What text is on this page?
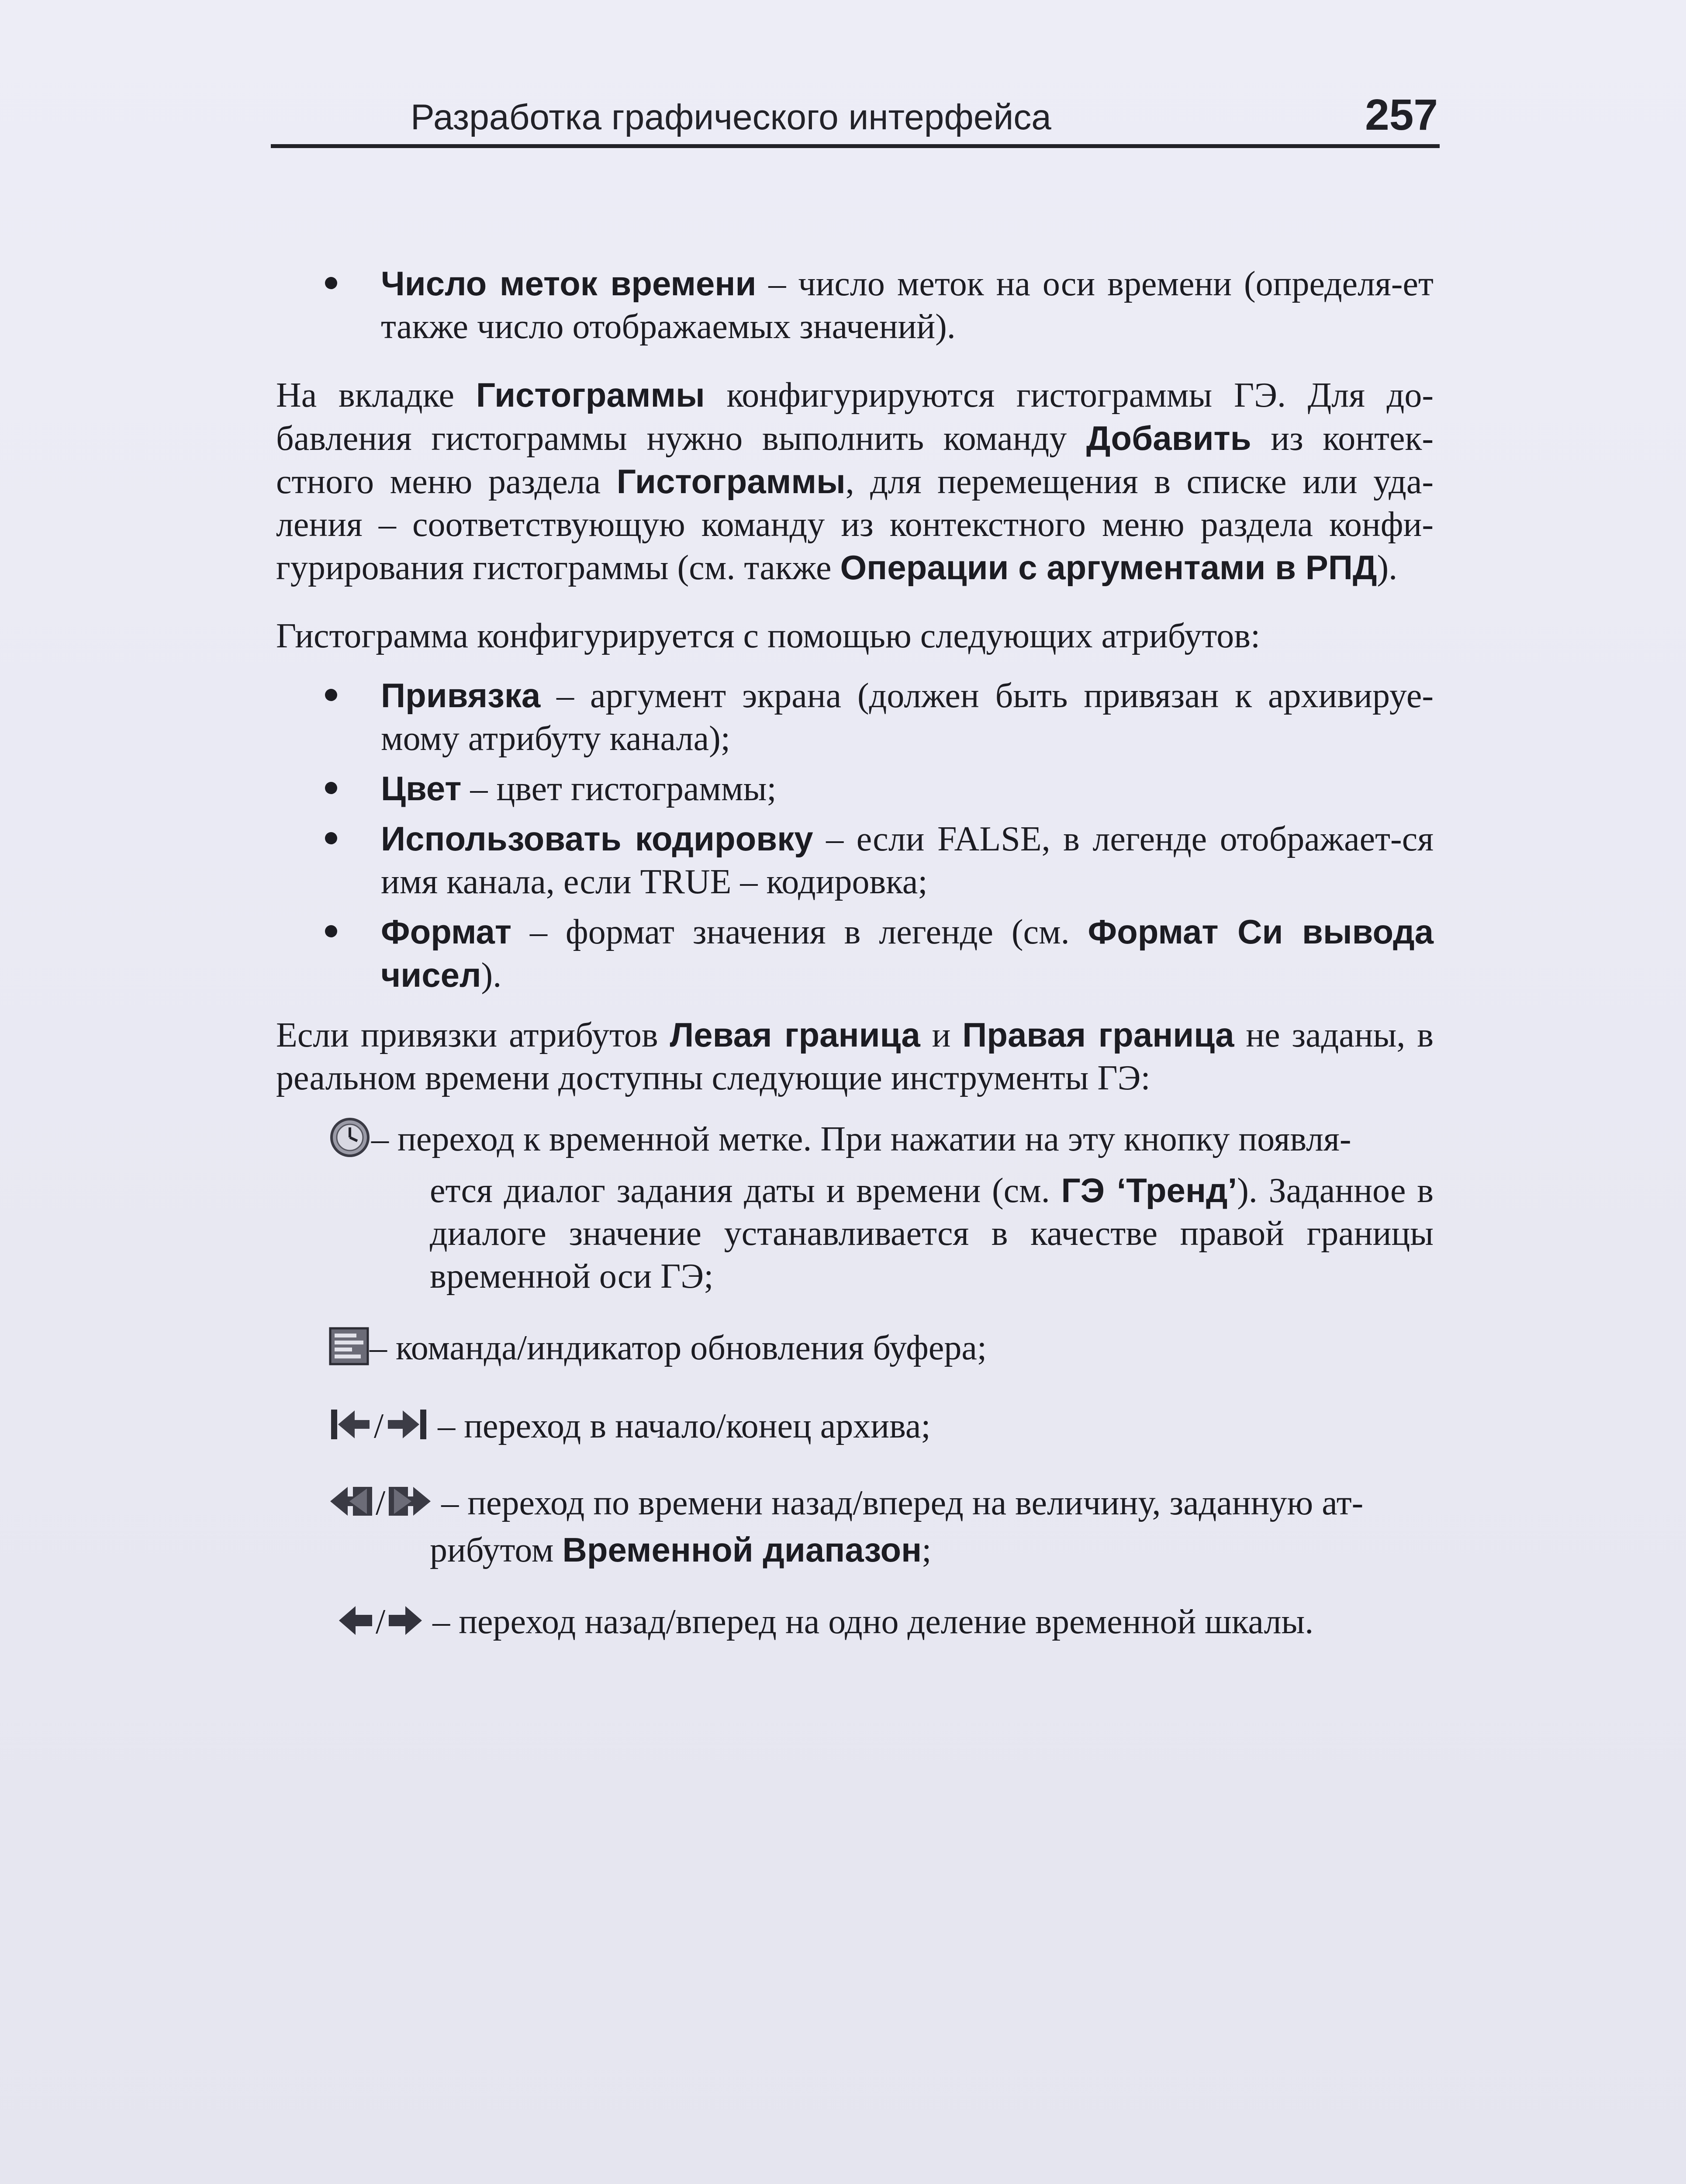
Разработка графического интерфейса	257

Число меток времени – число меток на оси времени (определя-ет также число отображаемых значений).

На вкладке Гистограммы конфигурируются гистограммы ГЭ. Для до-бавления гистограммы нужно выполнить команду Добавить из контек-стного меню раздела Гистограммы, для перемещения в списке или уда-ления – соответствующую команду из контекстного меню раздела конфи-гурирования гистограммы (см. также Операции с аргументами в РПД).

Гистограмма конфигурируется с помощью следующих атрибутов:

Привязка – аргумент экрана (должен быть привязан к архивируе-мому атрибуту канала);

Цвет – цвет гистограммы;

Использовать кодировку – если FALSE, в легенде отображает-ся имя канала, если TRUE – кодировка;

Формат – формат значения в легенде (см. Формат Си вывода чисел).

Если привязки атрибутов Левая граница и Правая граница не заданы, в реальном времени доступны следующие инструменты ГЭ:

– переход к временной метке. При нажатии на эту кнопку появля-
ется диалог задания даты и времени (см. ГЭ ‘Тренд’). Заданное в диалоге значение устанавливается в качестве правой границы временной оси ГЭ;
– команда/индикатор обновления буфера;
/ – переход в начало/конец архива;
/ – переход по времени назад/вперед на величину, заданную ат-
рибутом Временной диапазон;
/ – переход назад/вперед на одно деление временной шкалы.
